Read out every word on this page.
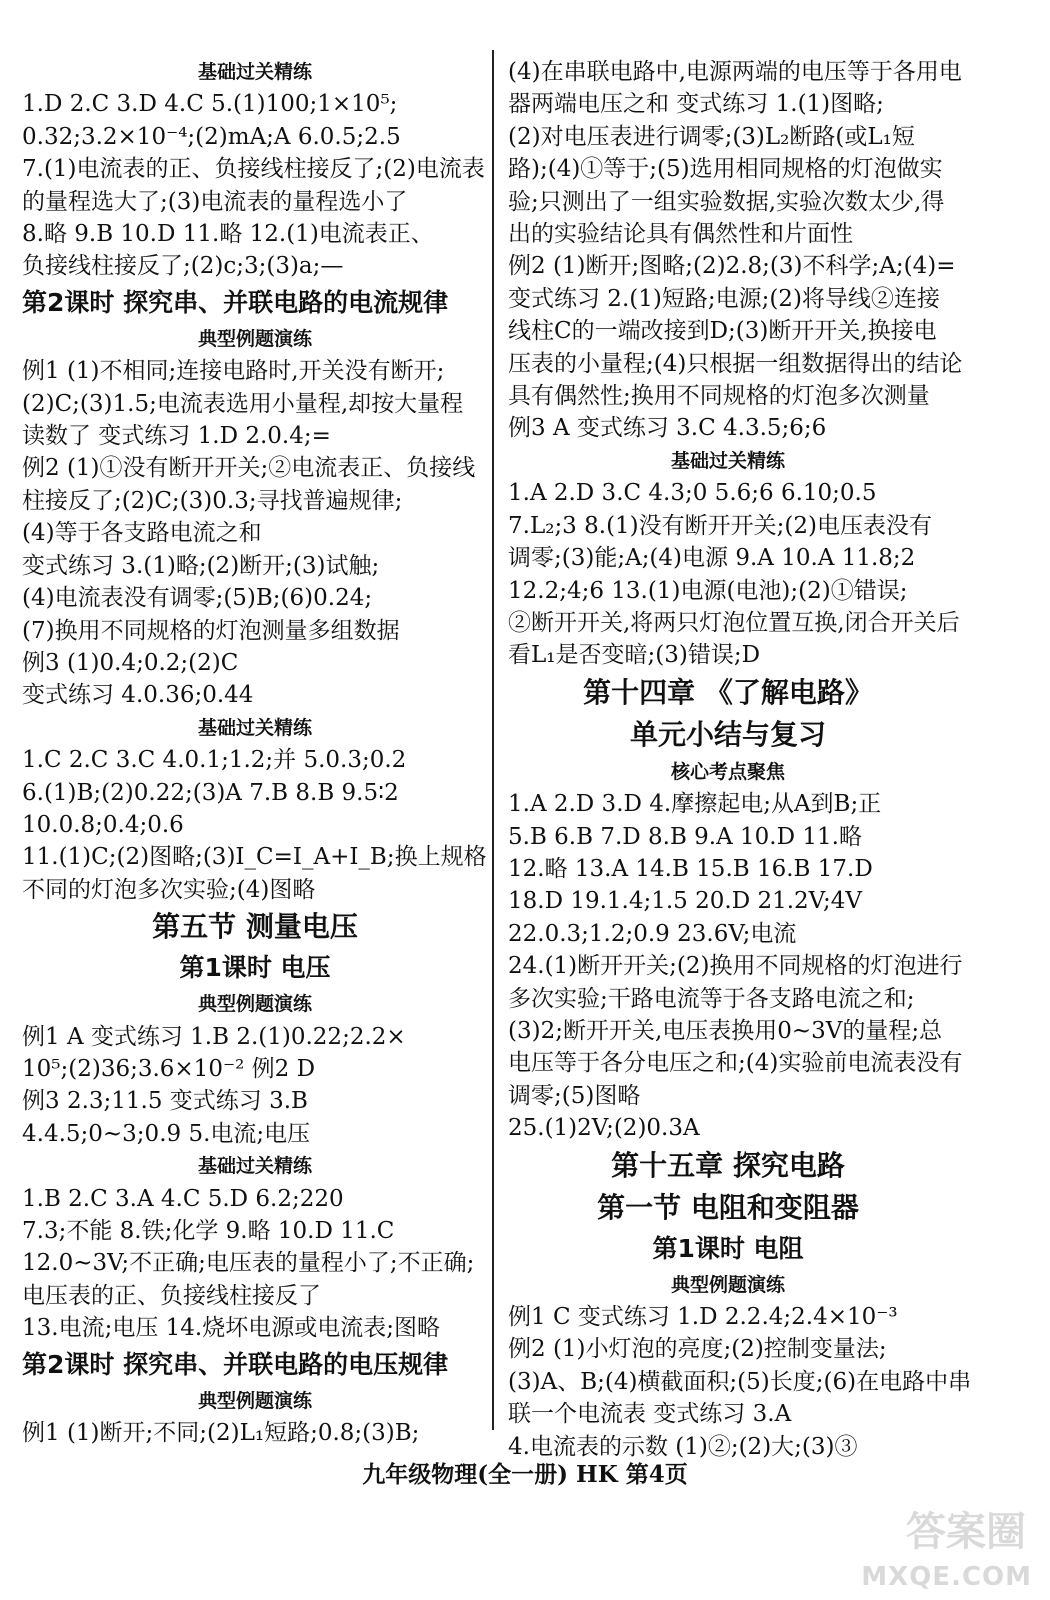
基础过关精练
1.D 2.C 3.D 4.C 5.(1)100;1×10⁵;
0.32;3.2×10⁻⁴;(2)mA;A 6.0.5;2.5
7.(1)电流表的正、负接线柱接反了;(2)电流表
的量程选大了;(3)电流表的量程选小了
8.略 9.B 10.D 11.略 12.(1)电流表正、
负接线柱接反了;(2)c;3;(3)a;—
第2课时 探究串、并联电路的电流规律
典型例题演练
例1 (1)不相同;连接电路时,开关没有断开;
(2)C;(3)1.5;电流表选用小量程,却按大量程
读数了 变式练习 1.D 2.0.4;=
例2 (1)①没有断开开关;②电流表正、负接线
柱接反了;(2)C;(3)0.3;寻找普遍规律;
(4)等于各支路电流之和
变式练习 3.(1)略;(2)断开;(3)试触;
(4)电流表没有调零;(5)B;(6)0.24;
(7)换用不同规格的灯泡测量多组数据
例3 (1)0.4;0.2;(2)C
变式练习 4.0.36;0.44
基础过关精练
1.C 2.C 3.C 4.0.1;1.2;并 5.0.3;0.2
6.(1)B;(2)0.22;(3)A 7.B 8.B 9.5∶2
10.0.8;0.4;0.6
11.(1)C;(2)图略;(3)I_C=I_A+I_B;换上规格
不同的灯泡多次实验;(4)图略
第五节 测量电压
第1课时 电压
典型例题演练
例1 A 变式练习 1.B 2.(1)0.22;2.2×
10⁵;(2)36;3.6×10⁻² 例2 D
例3 2.3;11.5 变式练习 3.B
4.4.5;0~3;0.9 5.电流;电压
基础过关精练
1.B 2.C 3.A 4.C 5.D 6.2;220
7.3;不能 8.铁;化学 9.略 10.D 11.C
12.0~3V;不正确;电压表的量程小了;不正确;
电压表的正、负接线柱接反了
13.电流;电压 14.烧坏电源或电流表;图略
第2课时 探究串、并联电路的电压规律
典型例题演练
例1 (1)断开;不同;(2)L₁短路;0.8;(3)B;
(4)在串联电路中,电源两端的电压等于各用电
器两端电压之和 变式练习 1.(1)图略;
(2)对电压表进行调零;(3)L₂断路(或L₁短
路);(4)①等于;(5)选用相同规格的灯泡做实
验;只测出了一组实验数据,实验次数太少,得
出的实验结论具有偶然性和片面性
例2 (1)断开;图略;(2)2.8;(3)不科学;A;(4)=
变式练习 2.(1)短路;电源;(2)将导线②连接
线柱C的一端改接到D;(3)断开开关,换接电
压表的小量程;(4)只根据一组数据得出的结论
具有偶然性;换用不同规格的灯泡多次测量
例3 A 变式练习 3.C 4.3.5;6;6
基础过关精练
1.A 2.D 3.C 4.3;0 5.6;6 6.10;0.5
7.L₂;3 8.(1)没有断开开关;(2)电压表没有
调零;(3)能;A;(4)电源 9.A 10.A 11.8;2
12.2;4;6 13.(1)电源(电池);(2)①错误;
②断开开关,将两只灯泡位置互换,闭合开关后
看L₁是否变暗;(3)错误;D
第十四章 《了解电路》
单元小结与复习
核心考点聚焦
1.A 2.D 3.D 4.摩擦起电;从A到B;正
5.B 6.B 7.D 8.B 9.A 10.D 11.略
12.略 13.A 14.B 15.B 16.B 17.D
18.D 19.1.4;1.5 20.D 21.2V;4V
22.0.3;1.2;0.9 23.6V;电流
24.(1)断开开关;(2)换用不同规格的灯泡进行
多次实验;干路电流等于各支路电流之和;
(3)2;断开开关,电压表换用0~3V的量程;总
电压等于各分电压之和;(4)实验前电流表没有
调零;(5)图略
25.(1)2V;(2)0.3A
第十五章 探究电路
第一节 电阻和变阻器
第1课时 电阻
典型例题演练
例1 C 变式练习 1.D 2.2.4;2.4×10⁻³
例2 (1)小灯泡的亮度;(2)控制变量法;
(3)A、B;(4)横截面积;(5)长度;(6)在电路中串
联一个电流表 变式练习 3.A
4.电流表的示数 (1)②;(2)大;(3)③
九年级物理(全一册) HK 第4页
答案圈
MXQE.COM
